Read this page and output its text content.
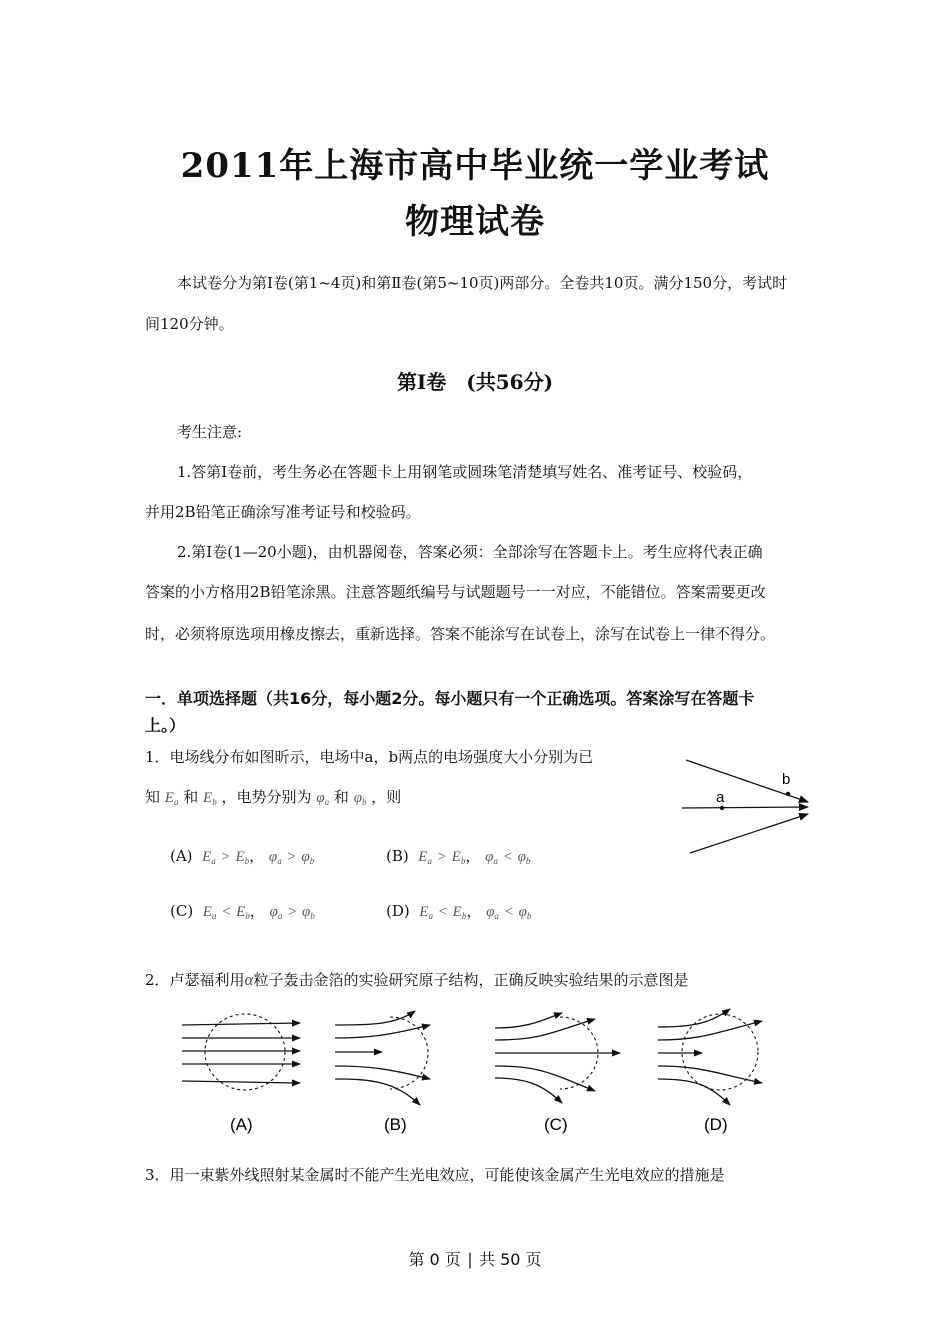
2011年上海市高中毕业统一学业考试
物理试卷
本试卷分为第Ⅰ卷(第1~4页)和第Ⅱ卷(第5~10页)两部分。全卷共10页。满分150分，考试时
间120分钟。
第Ⅰ卷　(共56分)
考生注意:
1.答第Ⅰ卷前，考生务必在答题卡上用钢笔或圆珠笔清楚填写姓名、准考证号、校验码，
并用2B铅笔正确涂写准考证号和校验码。
2.第Ⅰ卷(1—20小题)，由机器阅卷，答案必须：全部涂写在答题卡上。考生应将代表正确
答案的小方格用2B铅笔涂黑。注意答题纸编号与试题题号一一对应，不能错位。答案需要更改
时，必须将原选项用橡皮擦去，重新选择。答案不能涂写在试卷上，涂写在试卷上一律不得分。
一．单项选择题（共16分，每小题2分。每小题只有一个正确选项。答案涂写在答题卡
上。）
1．电场线分布如图昕示，电场中a，b两点的电场强度大小分别为已
知 $E_a$ 和 $E_b$ ，电势分别为 $\varphi_a$ 和 $\varphi_b$ ，则
(A) $E_a > E_b$， $\varphi_a > \varphi_b$	(B) $E_a > E_b$， $\varphi_a < \varphi_b$
(C) $E_a < E_b$， $\varphi_a > \varphi_b$	(D) $E_a < E_b$， $\varphi_a < \varphi_b$
a
b
2．卢瑟福利用α粒子轰击金箔的实验研究原子结构，正确反映实验结果的示意图是
(A)	(B)	(C)	(D)
3．用一束紫外线照射某金属时不能产生光电效应，可能使该金属产生光电效应的措施是
第 0 页 ∣ 共 50 页
